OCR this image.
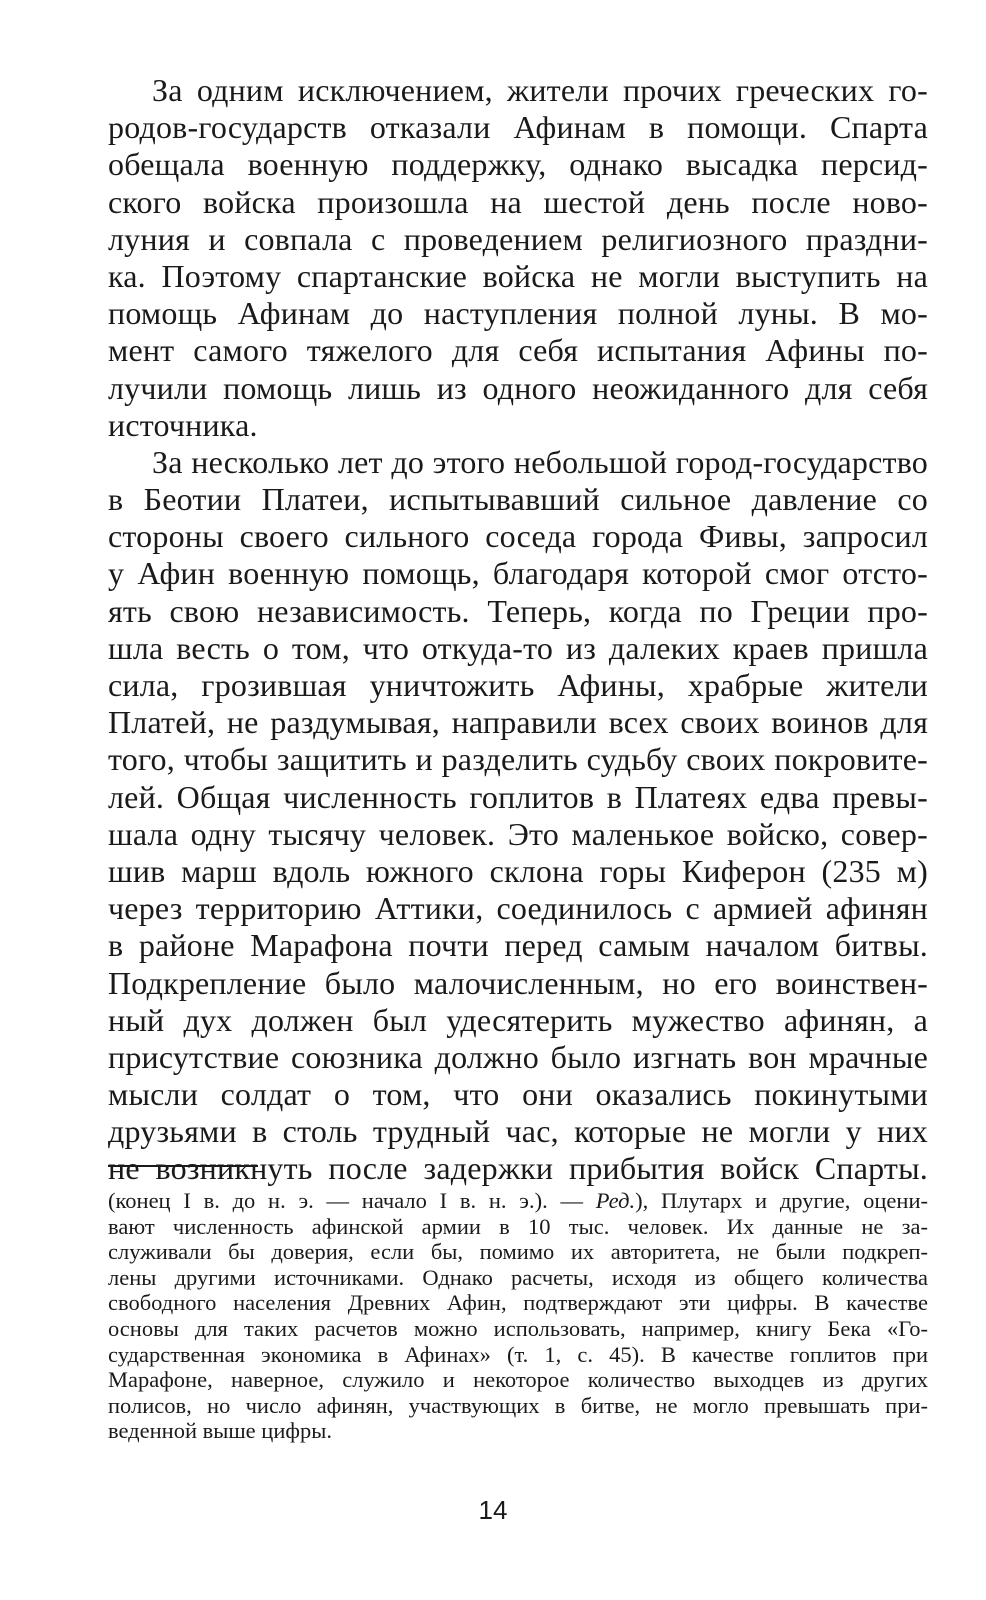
За одним исключением, жители прочих греческих го-
родов-государств отказали Афинам в помощи. Спарта
обещала военную поддержку, однако высадка персид-
ского войска произошла на шестой день после ново-
луния и совпала с проведением религиозного праздни-
ка. Поэтому спартанские войска не могли выступить на
помощь Афинам до наступления полной луны. В мо-
мент самого тяжелого для себя испытания Афины по-
лучили помощь лишь из одного неожиданного для себя
источника.
За несколько лет до этого небольшой город-государство
в Беотии Платеи, испытывавший сильное давление со
стороны своего сильного соседа города Фивы, запросил
у Афин военную помощь, благодаря которой смог отсто-
ять свою независимость. Теперь, когда по Греции про-
шла весть о том, что откуда-то из далеких краев пришла
сила, грозившая уничтожить Афины, храбрые жители
Платей, не раздумывая, направили всех своих воинов для
того, чтобы защитить и разделить судьбу своих покровите-
лей. Общая численность гоплитов в Платеях едва превы-
шала одну тысячу человек. Это маленькое войско, совер-
шив марш вдоль южного склона горы Киферон (235 м)
через территорию Аттики, соединилось с армией афинян
в районе Марафона почти перед самым началом битвы.
Подкрепление было малочисленным, но его воинствен-
ный дух должен был удесятерить мужество афинян, а
присутствие союзника должно было изгнать вон мрачные
мысли солдат о том, что они оказались покинутыми
друзьями в столь трудный час, которые не могли у них
не возникнуть после задержки прибытия войск Спарты.
(конец I в. до н. э. — начало I в. н. э.). — Ред.), Плутарх и другие, оцени-
вают численность афинской армии в 10 тыс. человек. Их данные не за-
служивали бы доверия, если бы, помимо их авторитета, не были подкреп-
лены другими источниками. Однако расчеты, исходя из общего количества
свободного населения Древних Афин, подтверждают эти цифры. В качестве
основы для таких расчетов можно использовать, например, книгу Бека «Го-
сударственная экономика в Афинах» (т. 1, с. 45). В качестве гоплитов при
Марафоне, наверное, служило и некоторое количество выходцев из других
полисов, но число афинян, участвующих в битве, не могло превышать при-
веденной выше цифры.
14
